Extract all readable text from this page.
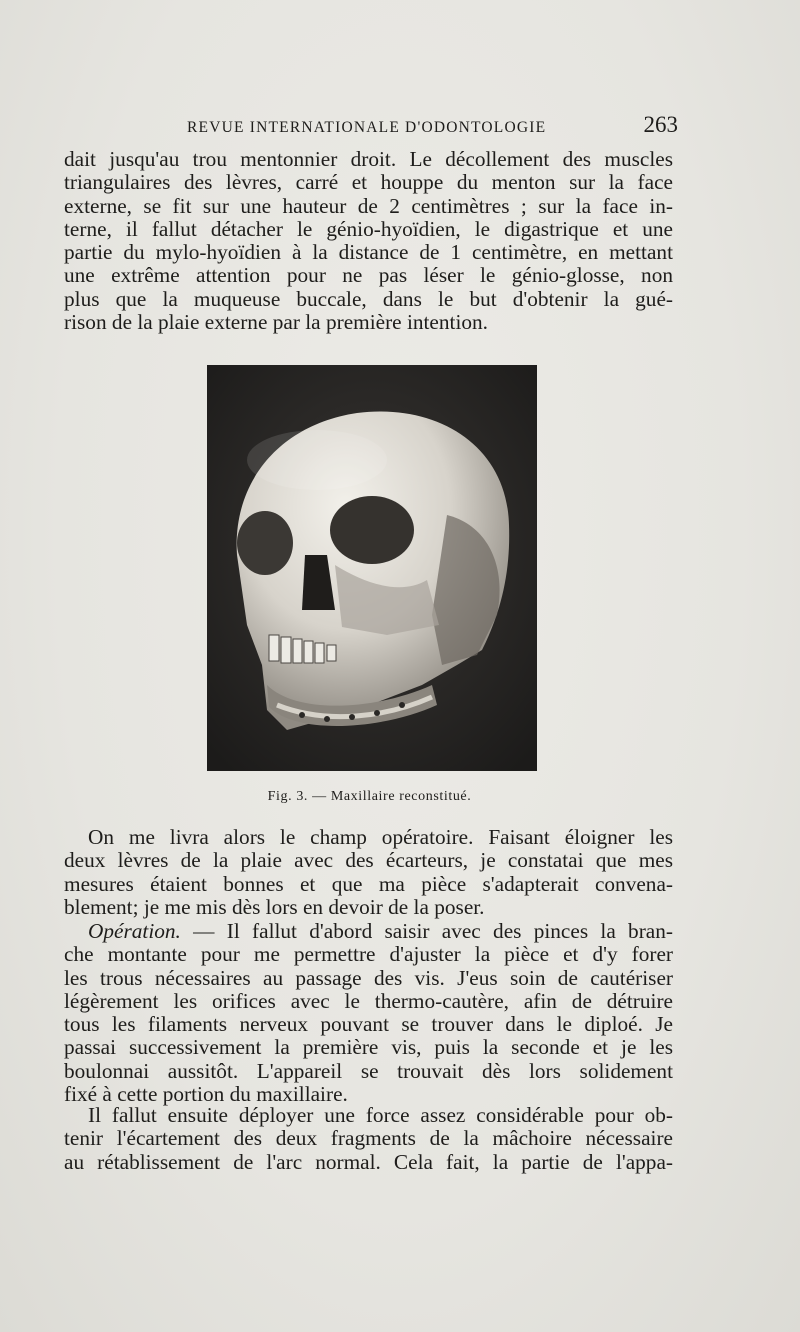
REVUE INTERNATIONALE D'ODONTOLOGIE	263
dait jusqu'au trou mentonnier droit. Le décollement des muscles
triangulaires des lèvres, carré et houppe du menton sur la face
externe, se fit sur une hauteur de 2 centimètres ; sur la face in-
terne, il fallut détacher le génio-hyoïdien, le digastrique et une
partie du mylo-hyoïdien à la distance de 1 centimètre, en mettant
une extrême attention pour ne pas léser le génio-glosse, non
plus que la muqueuse buccale, dans le but d'obtenir la gué-
rison de la plaie externe par la première intention.
Fig. 3. — Maxillaire reconstitué.
On me livra alors le champ opératoire. Faisant éloigner les
deux lèvres de la plaie avec des écarteurs, je constatai que mes
mesures étaient bonnes et que ma pièce s'adapterait convena-
blement; je me mis dès lors en devoir de la poser.
Opération. — Il fallut d'abord saisir avec des pinces la bran-
che montante pour me permettre d'ajuster la pièce et d'y forer
les trous nécessaires au passage des vis. J'eus soin de cautériser
légèrement les orifices avec le thermo-cautère, afin de détruire
tous les filaments nerveux pouvant se trouver dans le diploé. Je
passai successivement la première vis, puis la seconde et je les
boulonnai aussitôt. L'appareil se trouvait dès lors solidement
fixé à cette portion du maxillaire.
Il fallut ensuite déployer une force assez considérable pour ob-
tenir l'écartement des deux fragments de la mâchoire nécessaire
au rétablissement de l'arc normal. Cela fait, la partie de l'appa-
